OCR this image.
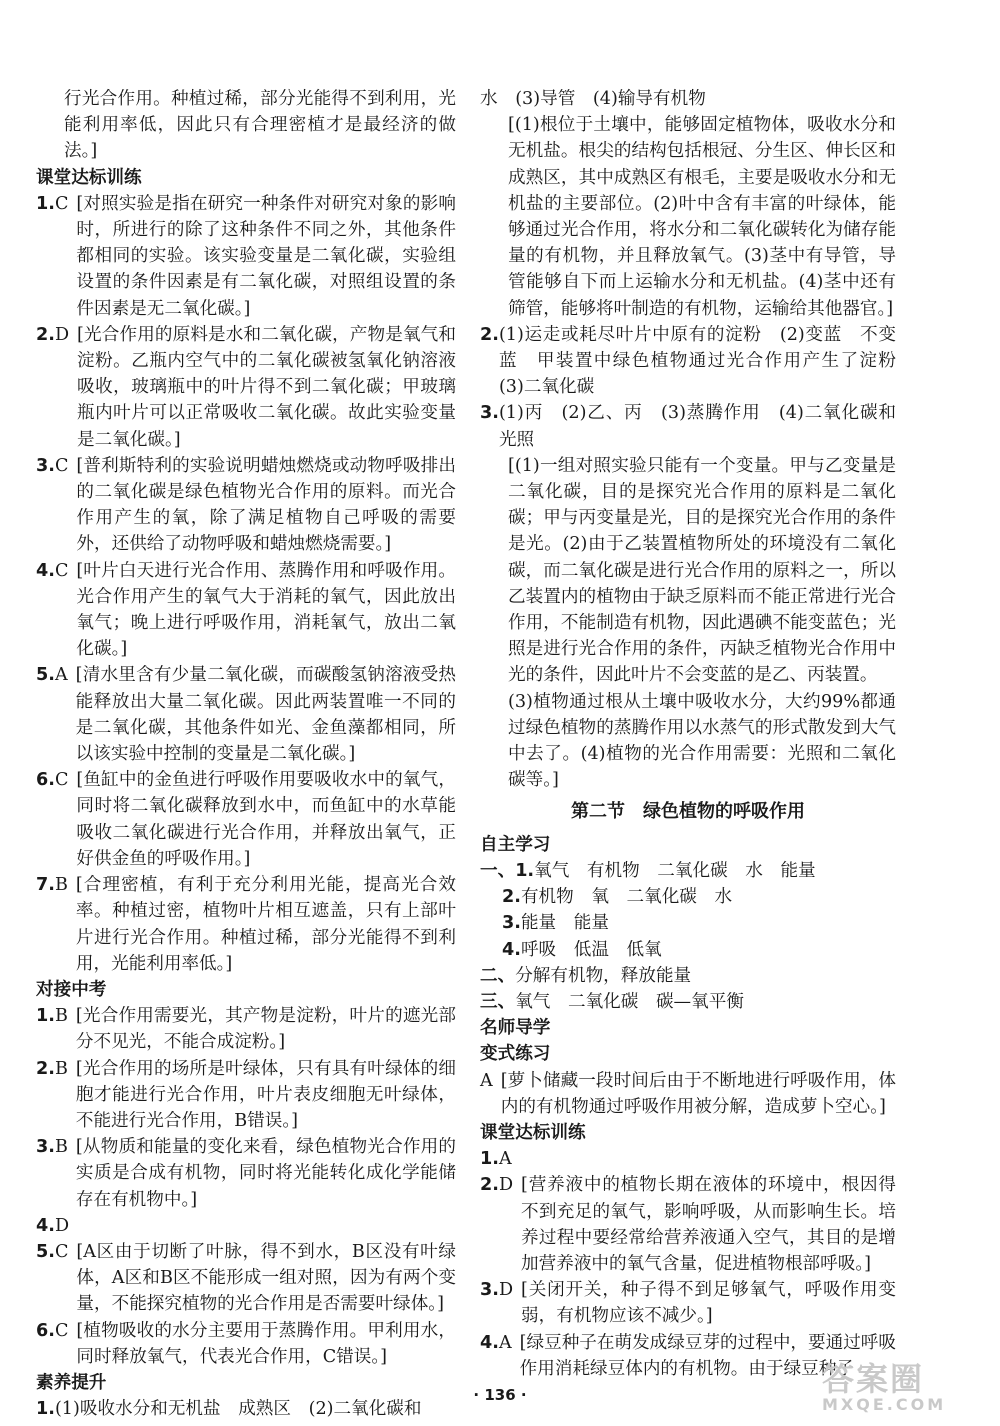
行光合作用。种植过稀，部分光能得不到利用，光能利用率低，因此只有合理密植才是最经济的做法。]

课堂达标训练

1. C [对照实验是指在研究一种条件对研究对象的影响时，所进行的除了这种条件不同之外，其他条件都相同的实验。该实验变量是二氧化碳，实验组设置的条件因素是有二氧化碳，对照组设置的条件因素是无二氧化碳。]
2. D [光合作用的原料是水和二氧化碳，产物是氧气和淀粉。乙瓶内空气中的二氧化碳被氢氧化钠溶液吸收，玻璃瓶中的叶片得不到二氧化碳；甲玻璃瓶内叶片可以正常吸收二氧化碳。故此实验变量是二氧化碳。]
3. C [普利斯特利的实验说明蜡烛燃烧或动物呼吸排出的二氧化碳是绿色植物光合作用的原料。而光合作用产生的氧，除了满足植物自己呼吸的需要外，还供给了动物呼吸和蜡烛燃烧需要。]
4. C [叶片白天进行光合作用、蒸腾作用和呼吸作用。光合作用产生的氧气大于消耗的氧气，因此放出氧气；晚上进行呼吸作用，消耗氧气，放出二氧化碳。]
5. A [清水里含有少量二氧化碳，而碳酸氢钠溶液受热能释放出大量二氧化碳。因此两装置唯一不同的是二氧化碳，其他条件如光、金鱼藻都相同，所以该实验中控制的变量是二氧化碳。]
6. C [鱼缸中的金鱼进行呼吸作用要吸收水中的氧气，同时将二氧化碳释放到水中，而鱼缸中的水草能吸收二氧化碳进行光合作用，并释放出氧气，正好供金鱼的呼吸作用。]
7. B [合理密植，有利于充分利用光能，提高光合效率。种植过密，植物叶片相互遮盖，只有上部叶片进行光合作用。种植过稀，部分光能得不到利用，光能利用率低。]

对接中考

1. B [光合作用需要光，其产物是淀粉，叶片的遮光部分不见光，不能合成淀粉。]
2. B [光合作用的场所是叶绿体，只有具有叶绿体的细胞才能进行光合作用，叶片表皮细胞无叶绿体，不能进行光合作用，B错误。]
3. B [从物质和能量的变化来看，绿色植物光合作用的实质是合成有机物，同时将光能转化成化学能储存在有机物中。]
4. D
5. C [A区由于切断了叶脉，得不到水，B区没有叶绿体，A区和B区不能形成一组对照，因为有两个变量，不能探究植物的光合作用是否需要叶绿体。]
6. C [植物吸收的水分主要用于蒸腾作用。甲利用水，同时释放氧气，代表光合作用，C错误。]

素养提升

1. (1)吸收水分和无机盐　成熟区　(2)二氧化碳和

水　(3)导管　(4)输导有机物

[(1)根位于土壤中，能够固定植物体，吸收水分和无机盐。根尖的结构包括根冠、分生区、伸长区和成熟区，其中成熟区有根毛，主要是吸收水分和无机盐的主要部位。(2)叶中含有丰富的叶绿体，能够通过光合作用，将水分和二氧化碳转化为储存能量的有机物，并且释放氧气。(3)茎中有导管，导管能够自下而上运输水分和无机盐。(4)茎中还有筛管，能够将叶制造的有机物，运输给其他器官。]

2. (1)运走或耗尽叶片中原有的淀粉　(2)变蓝　不变蓝　甲装置中绿色植物通过光合作用产生了淀粉　(3)二氧化碳
3. (1)丙　(2)乙、丙　(3)蒸腾作用　(4)二氧化碳和光照

[(1)一组对照实验只能有一个变量。甲与乙变量是二氧化碳，目的是探究光合作用的原料是二氧化碳；甲与丙变量是光，目的是探究光合作用的条件是光。(2)由于乙装置植物所处的环境没有二氧化碳，而二氧化碳是进行光合作用的原料之一，所以乙装置内的植物由于缺乏原料而不能正常进行光合作用，不能制造有机物，因此遇碘不能变蓝色；光照是进行光合作用的条件，丙缺乏植物光合作用中光的条件，因此叶片不会变蓝的是乙、丙装置。

(3)植物通过根从土壤中吸收水分，大约99%都通过绿色植物的蒸腾作用以水蒸气的形式散发到大气中去了。(4)植物的光合作用需要：光照和二氧化碳等。]

第二节　绿色植物的呼吸作用

自主学习

一、1.氧气　有机物　二氧化碳　水　能量

2.有机物　氧　二氧化碳　水

3.能量　能量

4.呼吸　低温　低氧

二、分解有机物，释放能量

三、氧气　二氧化碳　碳—氧平衡

名师导学

变式练习

A [萝卜储藏一段时间后由于不断地进行呼吸作用，体内的有机物通过呼吸作用被分解，造成萝卜空心。]

课堂达标训练

1. A
2. D [营养液中的植物长期在液体的环境中，根因得不到充足的氧气，影响呼吸，从而影响生长。培养过程中要经常给营养液通入空气，其目的是增加营养液中的氧气含量，促进植物根部呼吸。]
3. D [关闭开关，种子得不到足够氧气，呼吸作用变弱，有机物应该不减少。]
4. A [绿豆种子在萌发成绿豆芽的过程中，要通过呼吸作用消耗绿豆体内的有机物。由于绿豆种子
· 136 ·	答案圈
MXQE.COM
